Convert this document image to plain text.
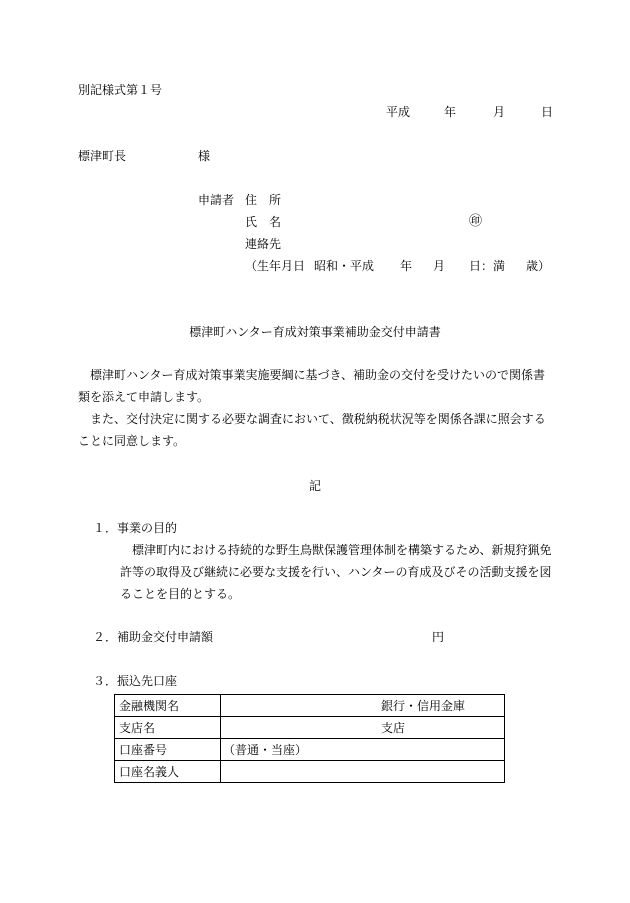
別記様式第１号
平成	年	月	日
標津町長	様
申請者 住　所
氏　名	㊞
連絡先
（生年月日 昭和・平成 年 月 日：満 歳）
標津町ハンター育成対策事業補助金交付申請書
標津町ハンター育成対策事業実施要綱に基づき、補助金の交付を受けたいので関係書類を添えて申請します。
また、交付決定に関する必要な調査において、徴税納税状況等を関係各課に照会することに同意します。
記
１．事業の目的
標津町内における持続的な野生鳥獣保護管理体制を構築するため、新規狩猟免許等の取得及び継続に必要な支援を行い、ハンターの育成及びその活動支援を図ることを目的とする。
２．補助金交付申請額	円
３．振込先口座
金融機関名	銀行・信用金庫

支店名	支店

口座番号	（普通・当座）

口座名義人	
